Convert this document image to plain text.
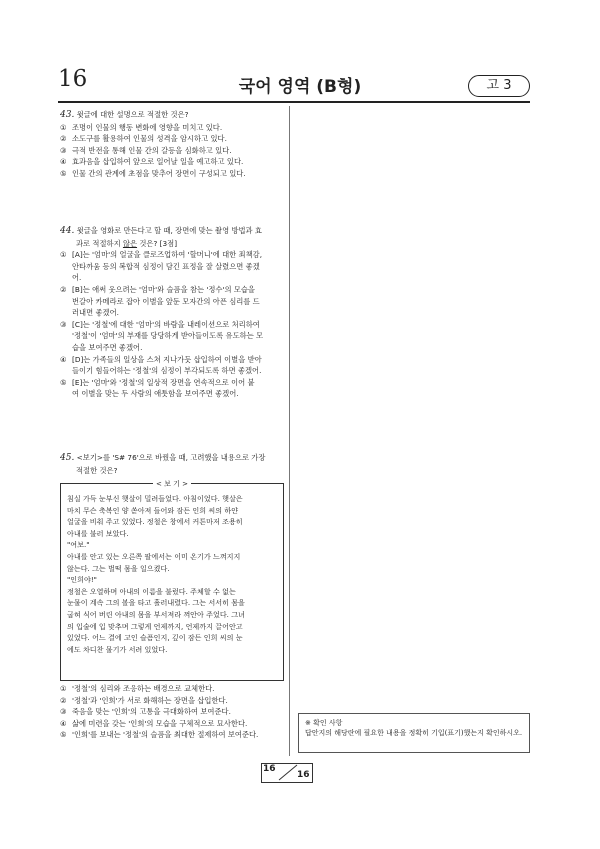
16	국어 영역 (B형)	고 3
43. 윗글에 대한 설명으로 적절한 것은?
① 조명이 인물의 행동 변화에 영향을 미치고 있다.
② 소도구를 활용하여 인물의 성격을 암시하고 있다.
③ 극적 반전을 통해 인물 간의 갈등을 심화하고 있다.
④ 효과음을 삽입하여 앞으로 일어날 일을 예고하고 있다.
⑤ 인물 간의 관계에 초점을 맞추어 장면이 구성되고 있다.
44. 윗글을 영화로 만든다고 할 때, 장면에 맞는 촬영 방법과 효
과로 적절하지 않은 것은? [3점]
① [A]는 '엄마'의 얼굴을 클로즈업하여 '할머니'에 대한 죄책감,
안타까움 등의 복합적 심정이 담긴 표정을 잘 살렸으면 좋겠
어.
② [B]는 애써 웃으려는 '엄마'와 슬픔을 참는 '정수'의 모습을
번갈아 카메라로 잡아 이별을 앞둔 모자간의 아픈 심리를 드
러내면 좋겠어.
③ [C]는 '정철'에 대한 '엄마'의 바람을 내레이션으로 처리하여
'정철'이 '엄마'의 부재를 당당하게 받아들이도록 유도하는 모
습을 보여주면 좋겠어.
④ [D]는 가족들의 일상을 스쳐 지나가듯 삽입하여 이별을 받아
들이기 힘들어하는 '정철'의 심정이 부각되도록 하면 좋겠어.
⑤ [E]는 '엄마'와 '정철'의 일상적 장면을 연속적으로 이어 붙
여 이별을 맞는 두 사람의 애틋함을 보여주면 좋겠어.
45. <보기>를 'S# 76'으로 바꿨을 때, 고려했을 내용으로 가장
적절한 것은?
< 보 기 >
침실 가득 눈부신 햇살이 밀려들었다. 아침이었다. 햇살은
마치 무슨 축복인 양 쏟아져 들어와 잠든 인희 씨의 하얀
얼굴을 비춰 주고 있었다. 정철은 창에서 커튼마저 조용히
아내를 불러 보았다.
"여보."
아내를 안고 있는 오른쪽 팔에서는 이미 온기가 느껴지지
않는다. 그는 벌떡 몸을 일으켰다.
"인희야!"
정철은 오열하며 아내의 이름을 불렀다. 주체할 수 없는
눈물이 계속 그의 볼을 타고 흘러내렸다. 그는 서서히 몸을
굽혀 식어 버린 아내의 몸을 부서져라 껴안아 주었다. 그녀
의 입술에 입 맞추며 그렇게 언제까지, 언제까지 끌어안고
있었다. 어느 결에 고인 슬픔인지, 깊이 잠든 인희 씨의 눈
에도 차디찬 물기가 서려 있었다.
① '정철'의 심리와 조응하는 배경으로 교체한다.
② '정철'과 '인희'가 서로 화해하는 장면을 삽입한다.
③ 죽음을 맞는 '인희'의 고통을 극대화하여 보여준다.
④ 삶에 미련을 갖는 '인희'의 모습을 구체적으로 묘사한다.
⑤ '인희'를 보내는 '정철'의 슬픔을 최대한 절제하여 보여준다.
※ 확인 사항
답안지의 해당란에 필요한 내용을 정확히 기입(표기)했는지 확인하시오.
16
16
